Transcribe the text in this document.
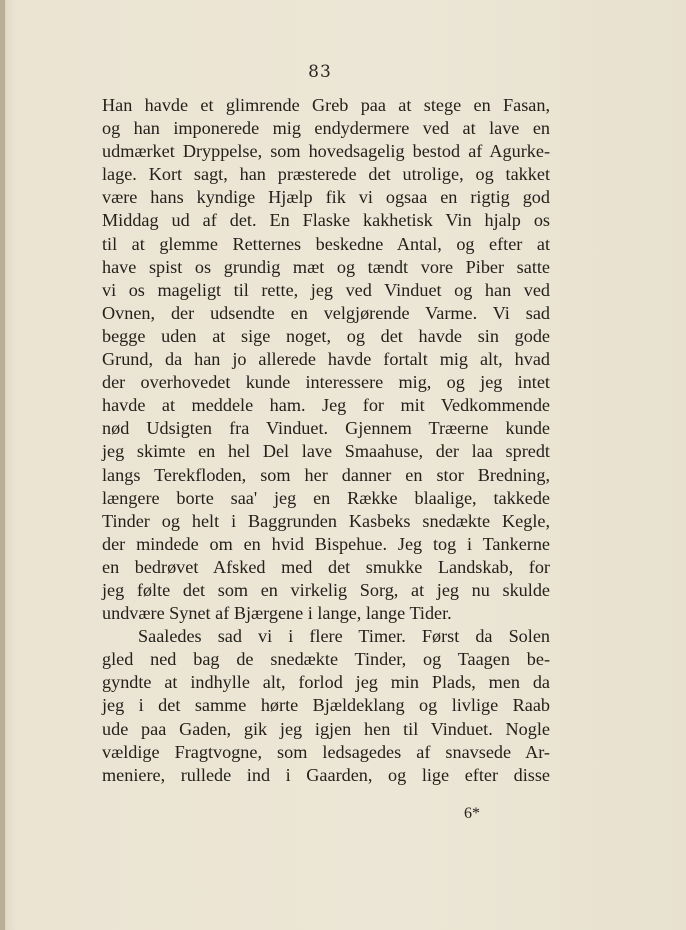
83
Han havde et glimrende Greb paa at stege en Fasan,
og han imponerede mig endydermere ved at lave en
udmærket Dryppelse, som hovedsagelig bestod af Agurke-
lage. Kort sagt, han præsterede det utrolige, og takket
være hans kyndige Hjælp fik vi ogsaa en rigtig god
Middag ud af det. En Flaske kakhetisk Vin hjalp os
til at glemme Retternes beskedne Antal, og efter at
have spist os grundig mæt og tændt vore Piber satte
vi os mageligt til rette, jeg ved Vinduet og han ved
Ovnen, der udsendte en velgjørende Varme. Vi sad
begge uden at sige noget, og det havde sin gode
Grund, da han jo allerede havde fortalt mig alt, hvad
der overhovedet kunde interessere mig, og jeg intet
havde at meddele ham. Jeg for mit Vedkommende
nød Udsigten fra Vinduet. Gjennem Træerne kunde
jeg skimte en hel Del lave Smaahuse, der laa spredt
langs Terekfloden, som her danner en stor Bredning,
længere borte saa' jeg en Række blaalige, takkede
Tinder og helt i Baggrunden Kasbeks snedækte Kegle,
der mindede om en hvid Bispehue. Jeg tog i Tankerne
en bedrøvet Afsked med det smukke Landskab, for
jeg følte det som en virkelig Sorg, at jeg nu skulde
undvære Synet af Bjærgene i lange, lange Tider.
Saaledes sad vi i flere Timer. Først da Solen
gled ned bag de snedækte Tinder, og Taagen be-
gyndte at indhylle alt, forlod jeg min Plads, men da
jeg i det samme hørte Bjældeklang og livlige Raab
ude paa Gaden, gik jeg igjen hen til Vinduet. Nogle
vældige Fragtvogne, som ledsagedes af snavsede Ar-
meniere, rullede ind i Gaarden, og lige efter disse
6*
